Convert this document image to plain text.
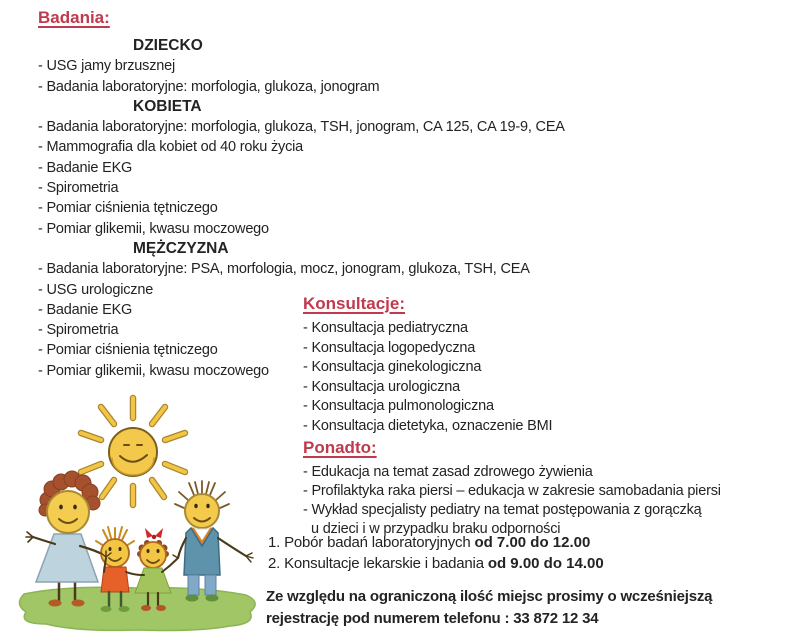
Badania:
DZIECKO
- USG jamy brzusznej
- Badania laboratoryjne: morfologia, glukoza, jonogram
KOBIETA
- Badania laboratoryjne: morfologia, glukoza, TSH, jonogram, CA 125, CA 19-9, CEA
- Mammografia dla kobiet od 40 roku życia
- Badanie EKG
- Spirometria
- Pomiar ciśnienia tętniczego
- Pomiar glikemii, kwasu moczowego
MĘŻCZYZNA
- Badania laboratoryjne: PSA, morfologia, mocz, jonogram, glukoza, TSH, CEA
- USG urologiczne
- Badanie EKG
- Spirometria
- Pomiar ciśnienia tętniczego
- Pomiar glikemii, kwasu moczowego
Konsultacje:
- Konsultacja pediatryczna
- Konsultacja logopedyczna
- Konsultacja ginekologiczna
- Konsultacja urologiczna
- Konsultacja pulmonologiczna
- Konsultacja dietetyka, oznaczenie BMI
Ponadto:
- Edukacja na temat zasad zdrowego żywienia
- Profilaktyka raka piersi – edukacja w zakresie samobadania piersi
- Wykład specjalisty pediatry na temat postępowania z gorączką
u dzieci i w przypadku braku odporności
1. Pobór badań laboratoryjnych od 7.00 do 12.00
2. Konsultacje lekarskie i badania od 9.00 do 14.00
Ze względu na ograniczoną ilość miejsc prosimy o wcześniejszą
rejestrację pod numerem telefonu : 33 872 12 34
